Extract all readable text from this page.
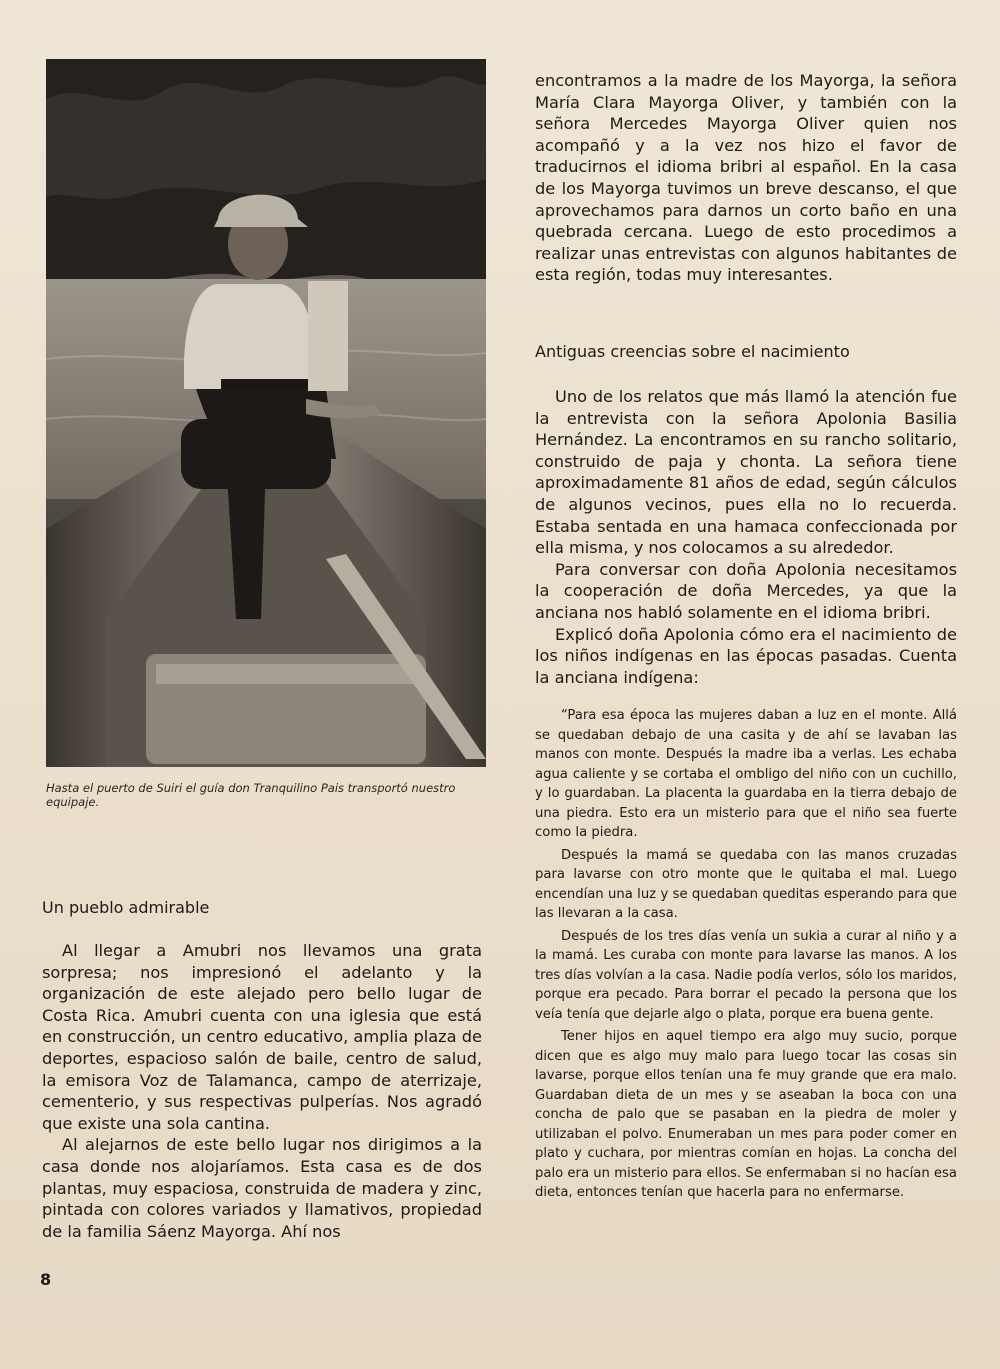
Hasta el puerto de Suiri el guía don Tranquilino Pais transportó nuestro equipaje.
Un pueblo admirable

Al llegar a Amubri nos llevamos una grata sorpresa; nos impresionó el adelanto y la organización de este alejado pero bello lugar de Costa Rica. Amubri cuenta con una iglesia que está en construcción, un centro educativo, amplia plaza de deportes, espacioso salón de baile, centro de salud, la emisora Voz de Talamanca, campo de aterrizaje, cementerio, y sus respectivas pulperías. Nos agradó que existe una sola cantina.

Al alejarnos de este bello lugar nos dirigimos a la casa donde nos alojaríamos. Esta casa es de dos plantas, muy espaciosa, construida de madera y zinc, pintada con colores variados y llamativos, propiedad de la familia Sáenz Mayorga. Ahí nos

encontramos a la madre de los Mayorga, la señora María Clara Mayorga Oliver, y también con la señora Mercedes Mayorga Oliver quien nos acompañó y a la vez nos hizo el favor de traducirnos el idioma bribri al español. En la casa de los Mayorga tuvimos un breve descanso, el que aprovechamos para darnos un corto baño en una quebrada cercana. Luego de esto procedimos a realizar unas entrevistas con algunos habitantes de esta región, todas muy interesantes.

Antiguas creencias sobre el nacimiento

Uno de los relatos que más llamó la atención fue la entrevista con la señora Apolonia Basilia Hernández. La encontramos en su rancho solitario, construido de paja y chonta. La señora tiene aproximadamente 81 años de edad, según cálculos de algunos vecinos, pues ella no lo recuerda. Estaba sentada en una hamaca confeccionada por ella misma, y nos colocamos a su alrededor.

Para conversar con doña Apolonia necesitamos la cooperación de doña Mercedes, ya que la anciana nos habló solamente en el idioma bribri.

Explicó doña Apolonia cómo era el nacimiento de los niños indígenas en las épocas pasadas. Cuenta la anciana indígena:

“Para esa época las mujeres daban a luz en el monte. Allá se quedaban debajo de una casita y de ahí se lavaban las manos con monte. Después la madre iba a verlas. Les echaba agua caliente y se cortaba el ombligo del niño con un cuchillo, y lo guardaban. La placenta la guardaba en la tierra debajo de una piedra. Esto era un misterio para que el niño sea fuerte como la piedra.

Después la mamá se quedaba con las manos cruzadas para lavarse con otro monte que le quitaba el mal. Luego encendían una luz y se quedaban queditas esperando para que las llevaran a la casa.

Después de los tres días venía un sukia a curar al niño y a la mamá. Les curaba con monte para lavarse las manos. A los tres días volvían a la casa. Nadie podía verlos, sólo los maridos, porque era pecado. Para borrar el pecado la persona que los veía tenía que dejarle algo o plata, porque era buena gente.

Tener hijos en aquel tiempo era algo muy sucio, porque dicen que es algo muy malo para luego tocar las cosas sin lavarse, porque ellos tenían una fe muy grande que era malo. Guardaban dieta de un mes y se aseaban la boca con una concha de palo que se pasaban en la piedra de moler y utilizaban el polvo. Enumeraban un mes para poder comer en plato y cuchara, por mientras comían en hojas. La concha del palo era un misterio para ellos. Se enfermaban si no hacían esa dieta, entonces tenían que hacerla para no enfermarse.

8
